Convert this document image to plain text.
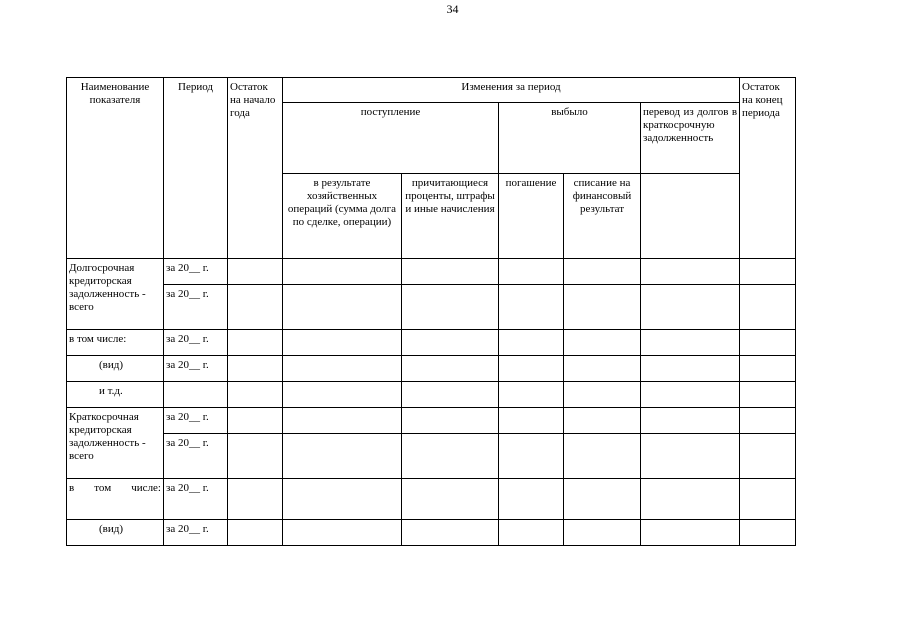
34
Наименование показателя	Период	Остаток на начало года	Изменения за период					Остаток на конец периода
			поступление		выбыло		перевод из долгов в краткосрочную задолженность	
			в результате хозяйственных операций (сумма долга по сделке, операции)	причитающиеся проценты, штрафы и иные начисления	погашение	списание на финансовый результат		
Долгосрочная кредиторская задолженность - всего	за 20__ г.							
	за 20__ г.							
в том числе:	за 20__ г.							
(вид)	за 20__ г.							
и т.д.								
Краткосрочная кредиторская задолженность - всего	за 20__ г.							
	за 20__ г.							
в том числе:	за 20__ г.							
(вид)	за 20__ г.							
